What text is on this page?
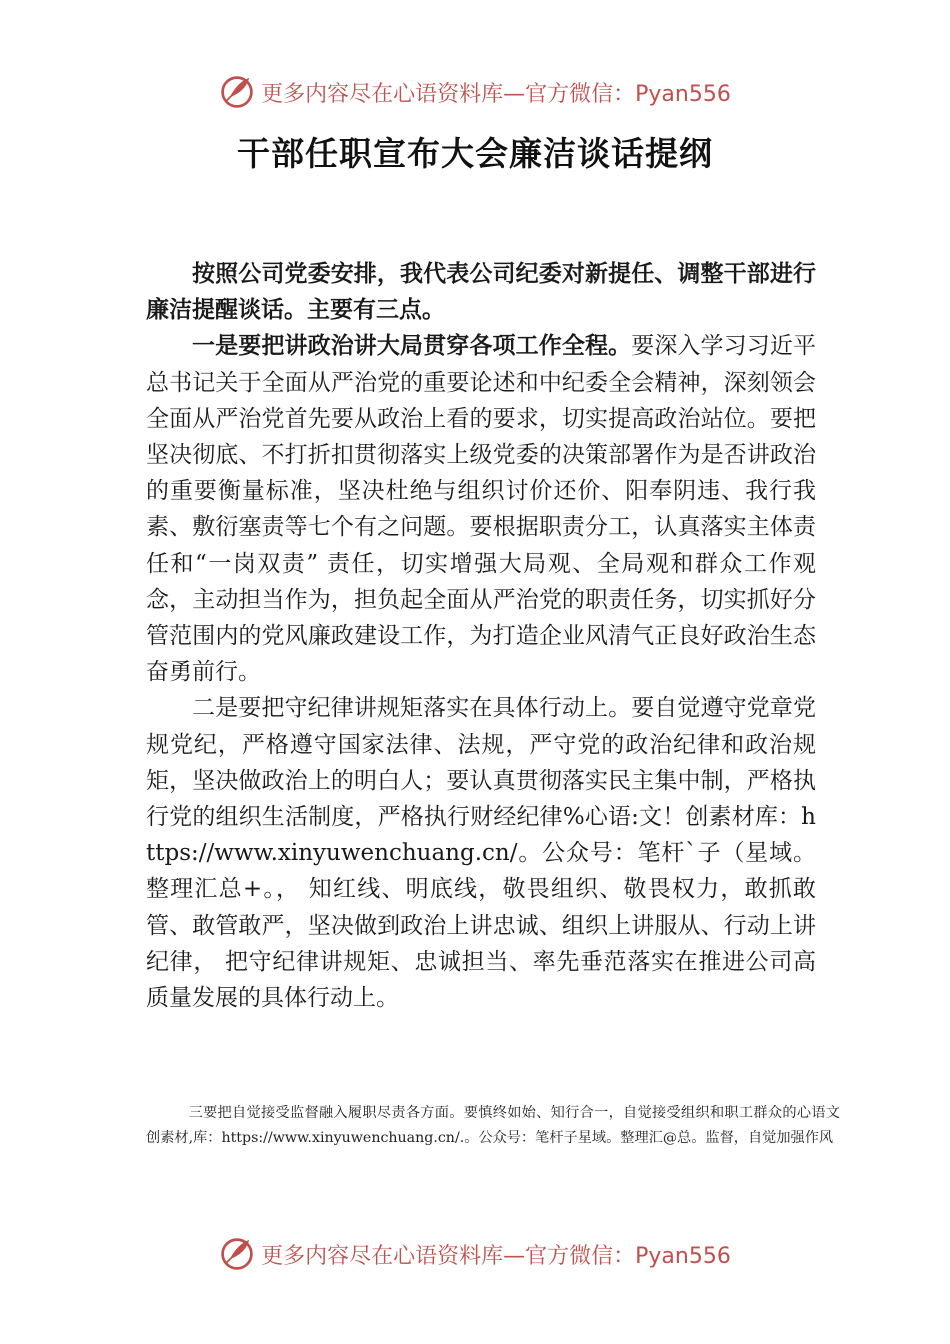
更多内容尽在心语资料库—官方微信：Pyan556
干部任职宣布大会廉洁谈话提纲

按照公司党委安排，我代表公司纪委对新提任、调整干部进行廉洁提醒谈话。主要有三点。

一是要把讲政治讲大局贯穿各项工作全程。要深入学习习近平总书记关于全面从严治党的重要论述和中纪委全会精神，深刻领会全面从严治党首先要从政治上看的要求，切实提高政治站位。要把坚决彻底、不打折扣贯彻落实上级党委的决策部署作为是否讲政治的重要衡量标准，坚决杜绝与组织讨价还价、阳奉阴违、我行我素、敷衍塞责等七个有之问题。要根据职责分工，认真落实主体责任和“一岗双责” 责任，切实增强大局观、全局观和群众工作观念，主动担当作为，担负起全面从严治党的职责任务，切实抓好分管范围内的党风廉政建设工作，为打造企业风清气正良好政治生态奋勇前行。

二是要把守纪律讲规矩落实在具体行动上。要自觉遵守党章党规党纪，严格遵守国家法律、法规，严守党的政治纪律和政治规矩，坚决做政治上的明白人；要认真贯彻落实民主集中制，严格执行党的组织生活制度，严格执行财经纪律%心语:文！创素材库：https://www.xinyuwenchuang.cn/。公众号：笔杆`子（星域。整理汇总+。， 知红线、明底线，敬畏组织、敬畏权力，敢抓敢管、敢管敢严，坚决做到政治上讲忠诚、组织上讲服从、行动上讲纪律， 把守纪律讲规矩、忠诚担当、率先垂范落实在推进公司高质量发展的具体行动上。

三要把自觉接受监督融入履职尽责各方面。要慎终如始、知行合一，自觉接受组织和职工群众的心语文创素材,库：https://www.xinyuwenchuang.cn/.。公众号：笔杆子星域。整理汇@总。监督，自觉加强作风

更多内容尽在心语资料库—官方微信：Pyan556
